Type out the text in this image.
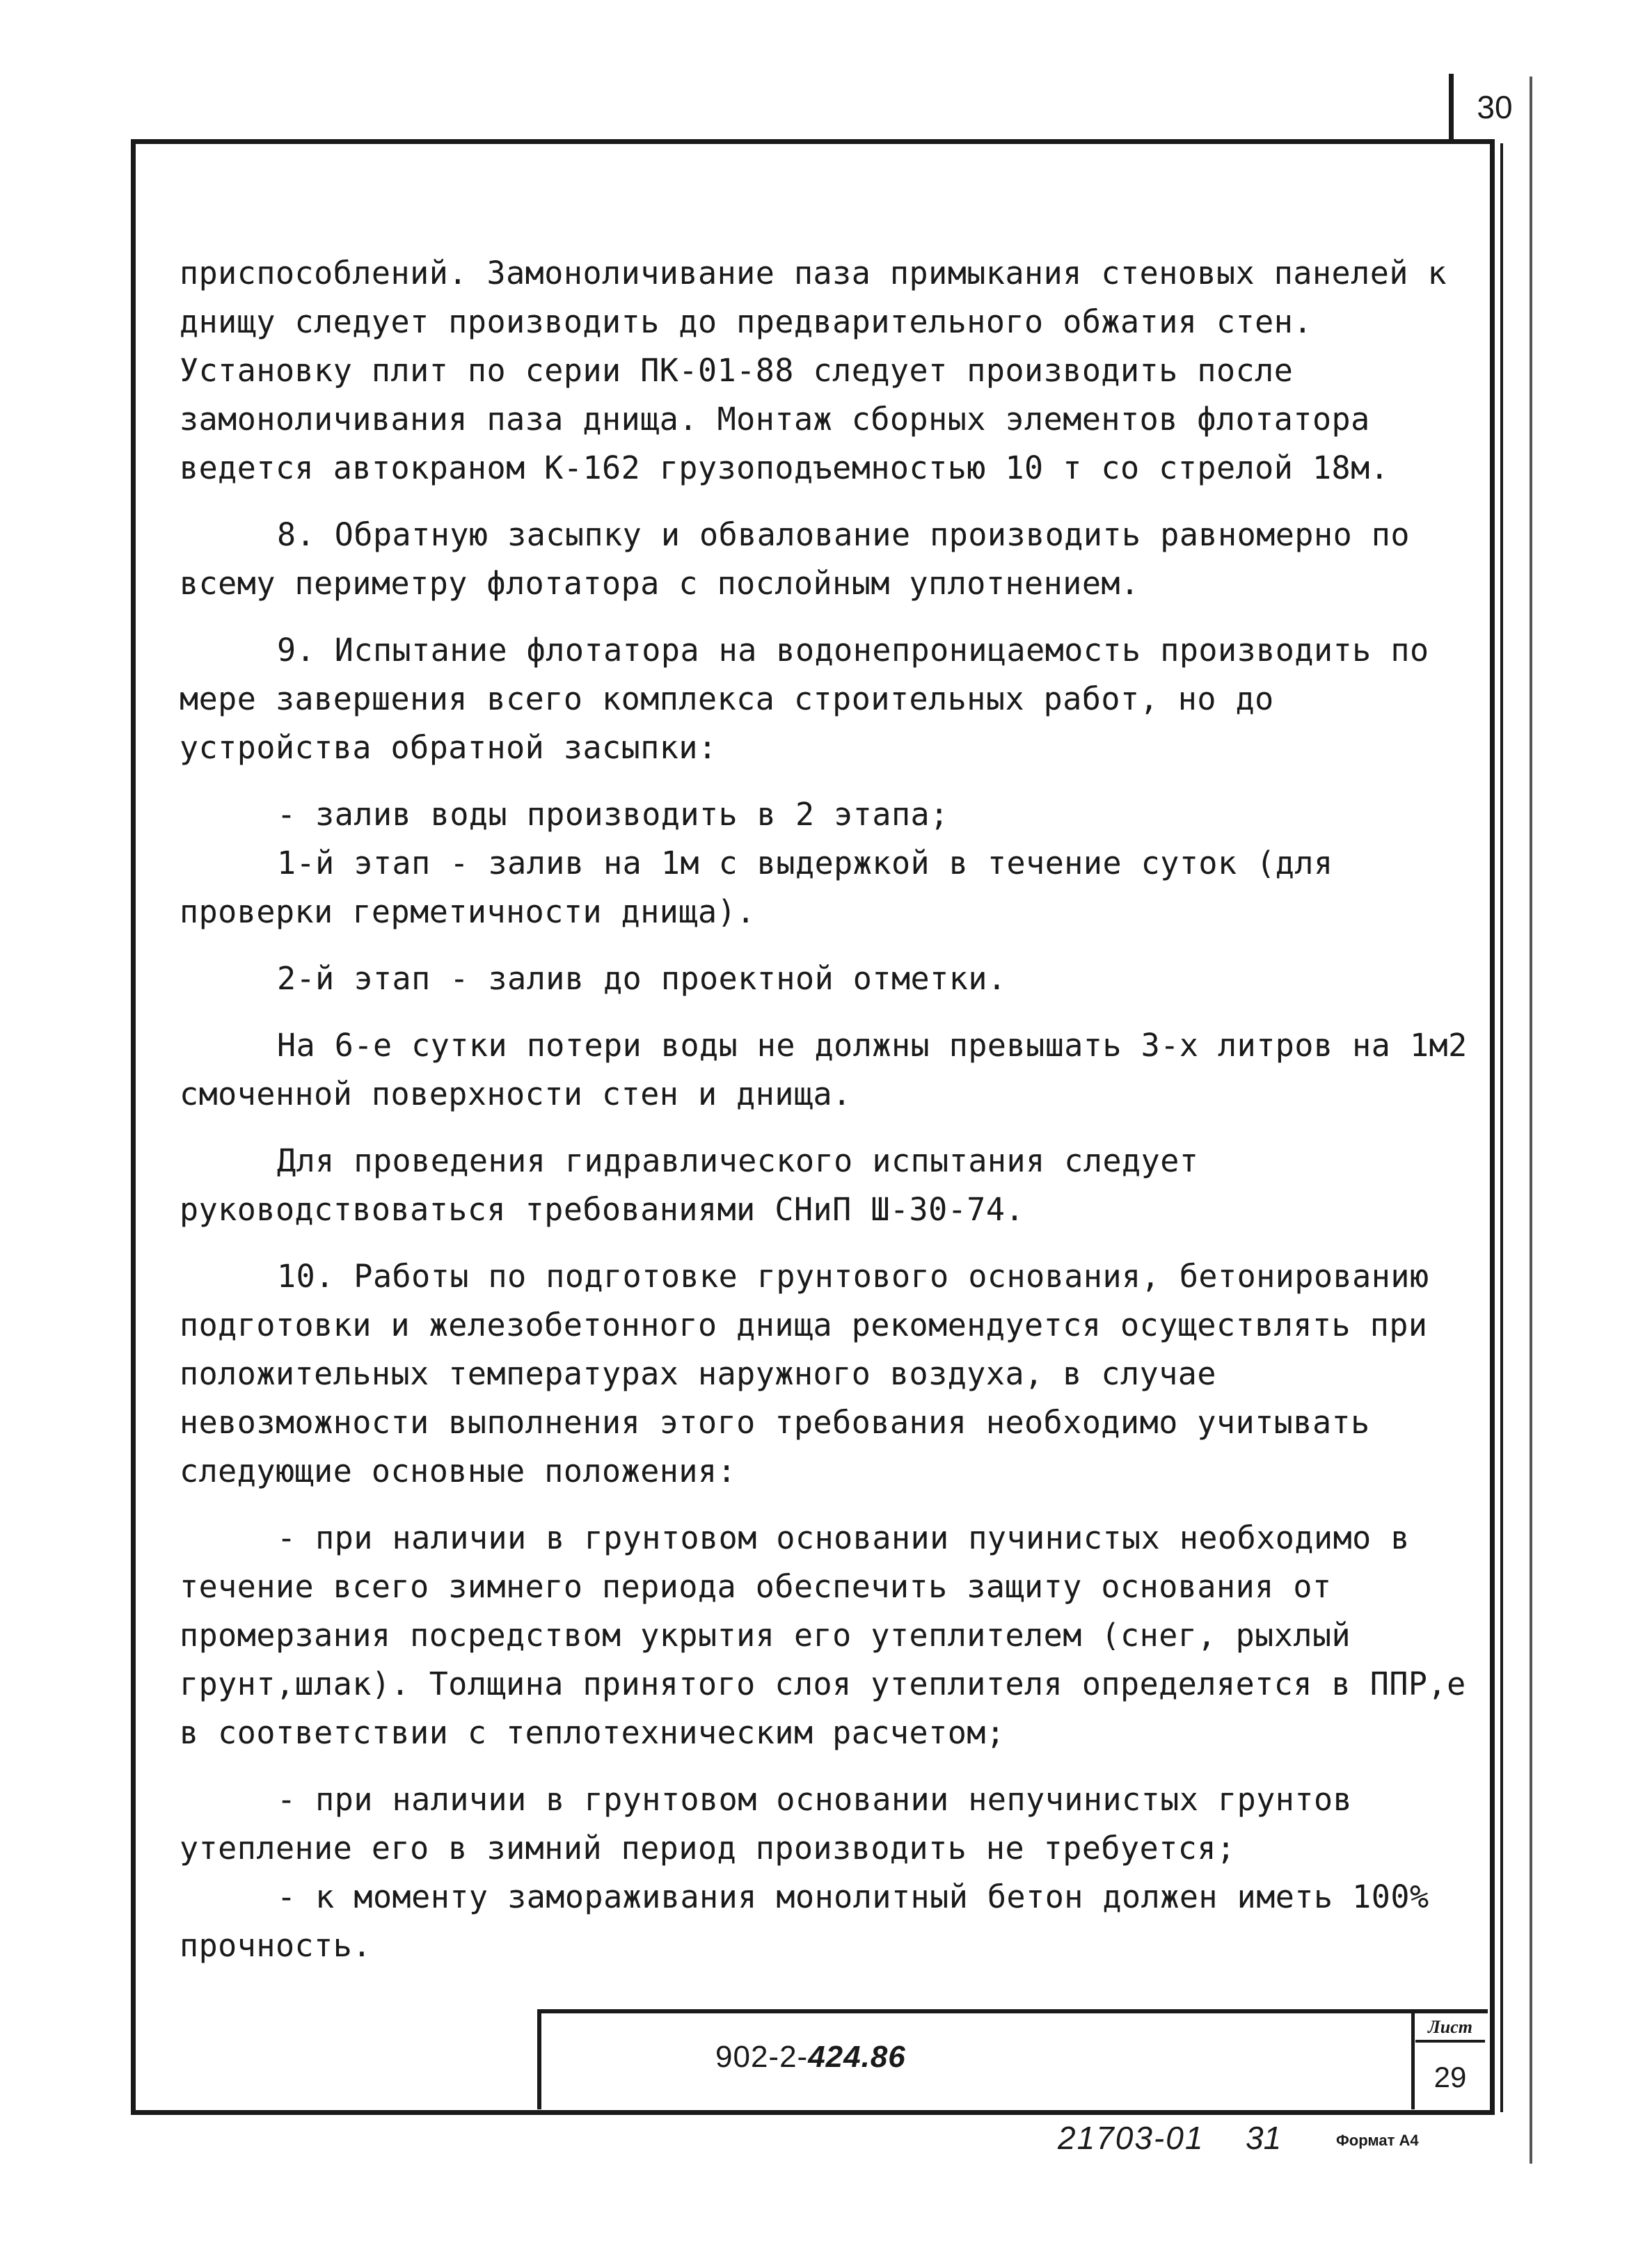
30

приспособлений. Замоноличивание паза примыкания стеновых панелей к днищу следует производить до предварительного обжатия стен. Установку плит по серии ПК-01-88 следует производить после замоноличивания паза днища. Монтаж сборных элементов флотатора ведется автокраном К-162 грузоподъемностью 10 т со стрелой 18м.

8. Обратную засыпку и обвалование производить равномерно по всему периметру флотатора с послойным уплотнением.

9. Испытание флотатора на водонепроницаемость производить по мере завершения всего комплекса строительных работ, но до устройства обратной засыпки:

- залив воды производить в 2 этапа;

1-й этап - залив на 1м с выдержкой в течение суток (для проверки герметичности днища).

2-й этап - залив до проектной отметки.

На 6-е сутки потери воды не должны превышать 3-х литров на 1м2 смоченной поверхности стен и днища.

Для проведения гидравлического испытания следует руководствоваться требованиями СНиП Ш-30-74.

10. Работы по подготовке грунтового основания, бетонированию подготовки и железобетонного днища рекомендуется осуществлять при положительных температурах наружного воздуха, в случае невозможности выполнения этого требования необходимо учитывать следующие основные положения:

- при наличии в грунтовом основании пучинистых необходимо в течение всего зимнего периода обеспечить защиту основания от промерзания посредством укрытия его утеплителем (снег, рыхлый грунт,шлак). Толщина принятого слоя утеплителя определяется в ППР,е в соответствии с теплотехническим расчетом;

- при наличии в грунтовом основании непучинистых грунтов утепление его в зимний период производить не требуется;

- к моменту замораживания монолитный бетон должен иметь 100% прочность.

902-2-424.86
Лист
29
21703-01 31	Формат А4
